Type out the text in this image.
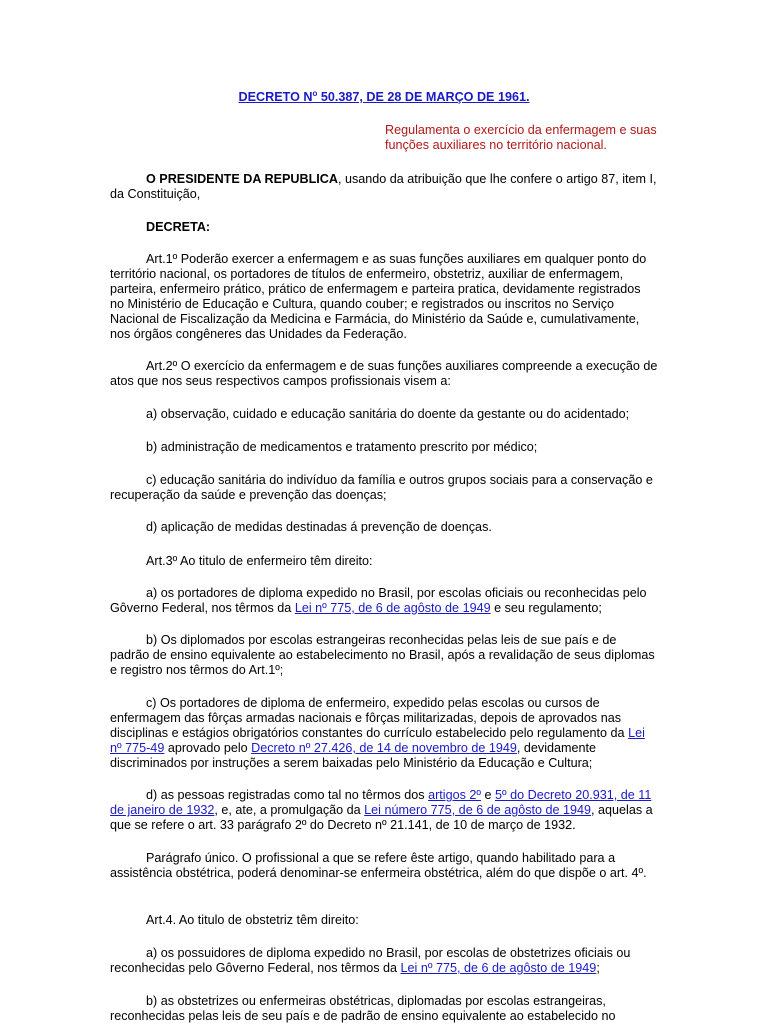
DECRETO $N^o$ 50.387, DE 28 DE MARÇO DE 1961.
Regulamenta o exercício da enfermagem e suas funções auxiliares no território nacional.
O PRESIDENTE DA REPUBLICA, usando da atribuição que lhe confere o artigo 87, item I, da Constituição,
DECRETA:
Art.1º Poderão exercer a enfermagem e as suas funções auxiliares em qualquer ponto do território nacional, os portadores de títulos de enfermeiro, obstetriz, auxiliar de enfermagem, parteira, enfermeiro prático, prático de enfermagem e parteira pratica, devidamente registrados no Ministério de Educação e Cultura, quando couber; e registrados ou inscritos no Serviço Nacional de Fiscalização da Medicina e Farmácia, do Ministério da Saúde e, cumulativamente, nos órgãos congêneres das Unidades da Federação.
Art.2º O exercício da enfermagem e de suas funções auxiliares compreende a execução de atos que nos seus respectivos campos profissionais visem a:
a) observação, cuidado e educação sanitária do doente da gestante ou do acidentado;
b) administração de medicamentos e tratamento prescrito por médico;
c) educação sanitária do indivíduo da família e outros grupos sociais para a conservação e recuperação da saúde e prevenção das doenças;
d) aplicação de medidas destinadas á prevenção de doenças.
Art.3º Ao titulo de enfermeiro têm direito:
a) os portadores de diploma expedido no Brasil, por escolas oficiais ou reconhecidas pelo Gôverno Federal, nos têrmos da Lei nº 775, de 6 de agôsto de 1949 e seu regulamento;
b) Os diplomados por escolas estrangeiras reconhecidas pelas leis de sue país e de padrão de ensino equivalente ao estabelecimento no Brasil, após a revalidação de seus diplomas e registro nos têrmos do Art.1º;
c) Os portadores de diploma de enfermeiro, expedido pelas escolas ou cursos de enfermagem das fôrças armadas nacionais e fôrças militarizadas, depois de aprovados nas disciplinas e estágios obrigatórios constantes do currículo estabelecido pelo regulamento da Lei nº 775-49 aprovado pelo Decreto nº 27.426, de 14 de novembro de 1949, devidamente discriminados por instruções a serem baixadas pelo Ministério da Educação e Cultura;
d) as pessoas registradas como tal no têrmos dos artigos 2º e 5º do Decreto 20.931, de 11 de janeiro de 1932, e, ate, a promulgação da Lei número 775, de 6 de agôsto de 1949, aquelas a que se refere o art. 33 parágrafo 2º do Decreto nº 21.141, de 10 de março de 1932.
Parágrafo único. O profissional a que se refere êste artigo, quando habilitado para a assistência obstétrica, poderá denominar-se enfermeira obstétrica, além do que dispõe o art. 4º.
Art.4. Ao titulo de obstetriz têm direito:
a) os possuidores de diploma expedido no Brasil, por escolas de obstetrizes oficiais ou reconhecidas pelo Gôverno Federal, nos têrmos da Lei nº 775, de 6 de agôsto de 1949;
b) as obstetrizes ou enfermeiras obstétricas, diplomadas por escolas estrangeiras, reconhecidas pelas leis de seu país e de padrão de ensino equivalente ao estabelecido no
